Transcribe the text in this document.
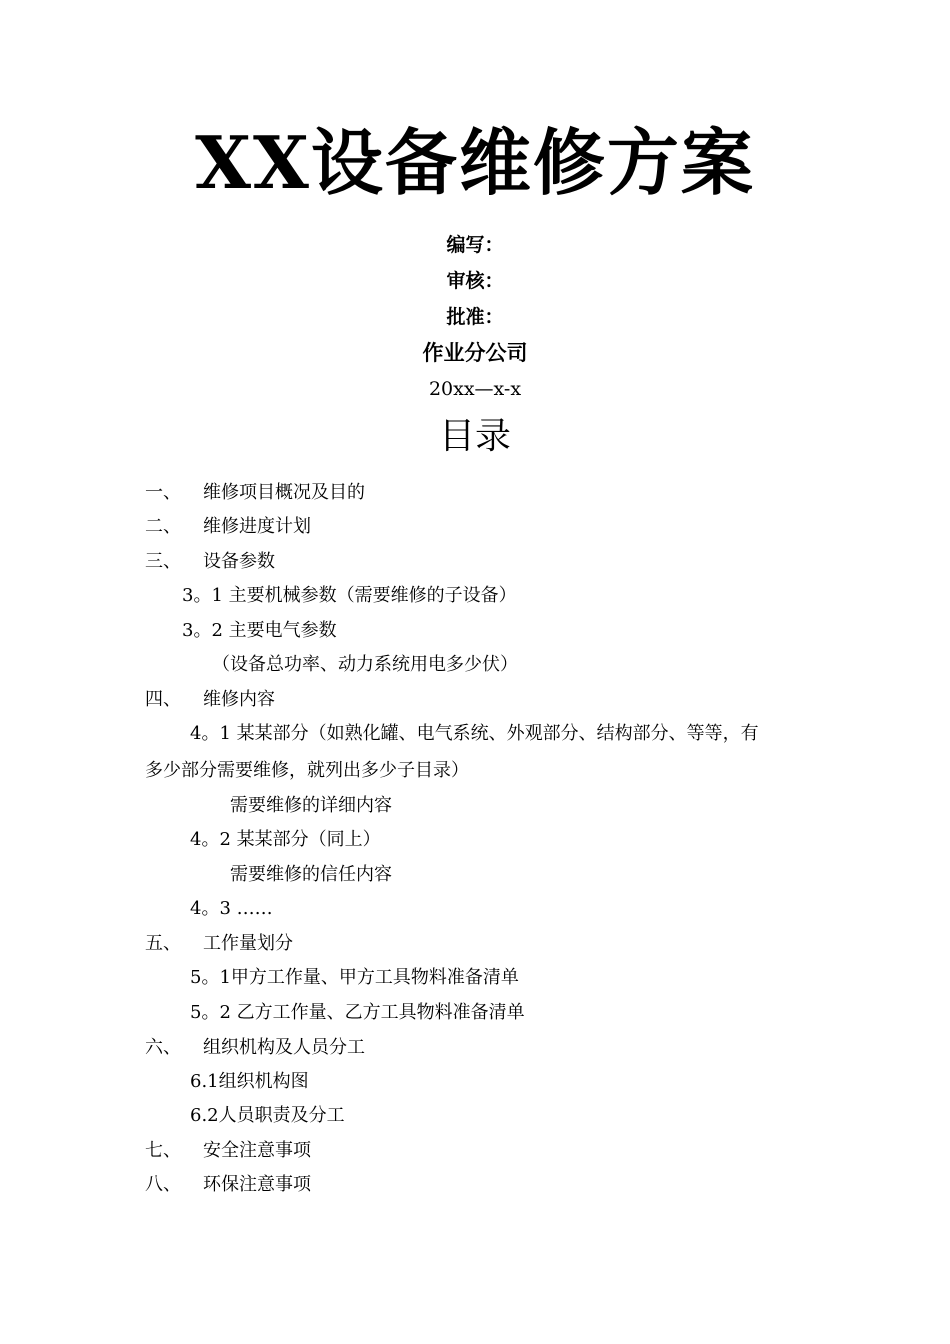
XX设备维修方案
编写：
审核：
批准：
作业分公司
20xx—x-x
目录
一、 维修项目概况及目的
二、 维修进度计划
三、 设备参数
3。1 主要机械参数（需要维修的子设备）
3。2 主要电气参数
（设备总功率、动力系统用电多少伏）
四、 维修内容
4。1 某某部分（如熟化罐、电气系统、外观部分、结构部分、等等，有
多少部分需要维修，就列出多少子目录）
需要维修的详细内容
4。2 某某部分（同上）
需要维修的信任内容
4。3 ……
五、 工作量划分
5。1甲方工作量、甲方工具物料准备清单
5。2 乙方工作量、乙方工具物料准备清单
六、 组织机构及人员分工
6.1组织机构图
6.2人员职责及分工
七、 安全注意事项
八、 环保注意事项
